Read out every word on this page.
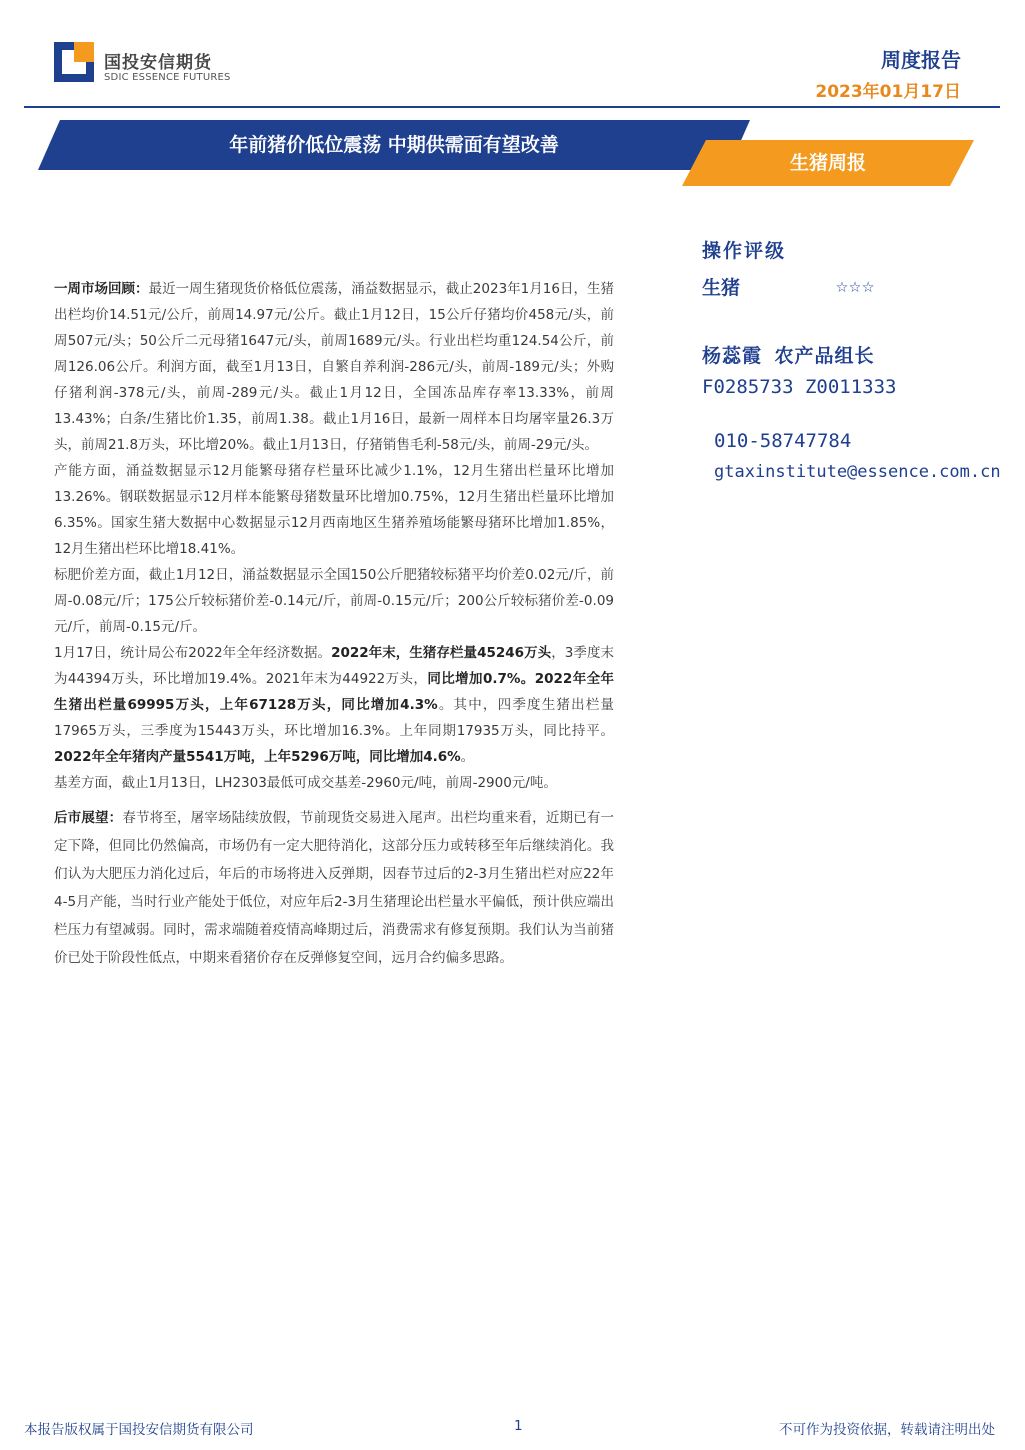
国投安信期货
SDIC ESSENCE FUTURES
周度报告
2023年01月17日
年前猪价低位震荡 中期供需面有望改善
生猪周报

一周市场回顾：最近一周生猪现货价格低位震荡，涌益数据显示，截止2023年1月16日，生猪出栏均价14.51元/公斤，前周14.97元/公斤。截止1月12日，15公斤仔猪均价458元/头，前周507元/头；50公斤二元母猪1647元/头，前周1689元/头。行业出栏均重124.54公斤，前周126.06公斤。利润方面，截至1月13日，自繁自养利润-286元/头，前周-189元/头；外购仔猪利润-378元/头，前周-289元/头。截止1月12日，全国冻品库存率13.33%，前周13.43%；白条/生猪比价1.35，前周1.38。截止1月16日，最新一周样本日均屠宰量26.3万头，前周21.8万头，环比增20%。截止1月13日，仔猪销售毛利-58元/头，前周-29元/头。

产能方面，涌益数据显示12月能繁母猪存栏量环比减少1.1%，12月生猪出栏量环比增加13.26%。钢联数据显示12月样本能繁母猪数量环比增加0.75%，12月生猪出栏量环比增加6.35%。国家生猪大数据中心数据显示12月西南地区生猪养殖场能繁母猪环比增加1.85%，12月生猪出栏环比增18.41%。

标肥价差方面，截止1月12日，涌益数据显示全国150公斤肥猪较标猪平均价差0.02元/斤，前周-0.08元/斤；175公斤较标猪价差-0.14元/斤，前周-0.15元/斤；200公斤较标猪价差-0.09元/斤，前周-0.15元/斤。

1月17日，统计局公布2022年全年经济数据。2022年末，生猪存栏量45246万头，3季度末为44394万头，环比增加19.4%。2021年末为44922万头，同比增加0.7%。2022年全年生猪出栏量69995万头，上年67128万头，同比增加4.3%。其中，四季度生猪出栏量17965万头，三季度为15443万头，环比增加16.3%。上年同期17935万头，同比持平。2022年全年猪肉产量5541万吨，上年5296万吨，同比增加4.6%。

基差方面，截止1月13日，LH2303最低可成交基差-2960元/吨，前周-2900元/吨。

后市展望：春节将至，屠宰场陆续放假，节前现货交易进入尾声。出栏均重来看，近期已有一定下降，但同比仍然偏高，市场仍有一定大肥待消化，这部分压力或转移至年后继续消化。我们认为大肥压力消化过后，年后的市场将进入反弹期，因春节过后的2-3月生猪出栏对应22年4-5月产能，当时行业产能处于低位，对应年后2-3月生猪理论出栏量水平偏低，预计供应端出栏压力有望减弱。同时，需求端随着疫情高峰期过后，消费需求有修复预期。我们认为当前猪价已处于阶段性低点，中期来看猪价存在反弹修复空间，远月合约偏多思路。

操作评级
生猪	☆☆☆
杨蕊霞 农产品组长
F0285733 Z0011333
010-58747784
gtaxinstitute@essence.com.cn
本报告版权属于国投安信期货有限公司	1	不可作为投资依据，转载请注明出处
